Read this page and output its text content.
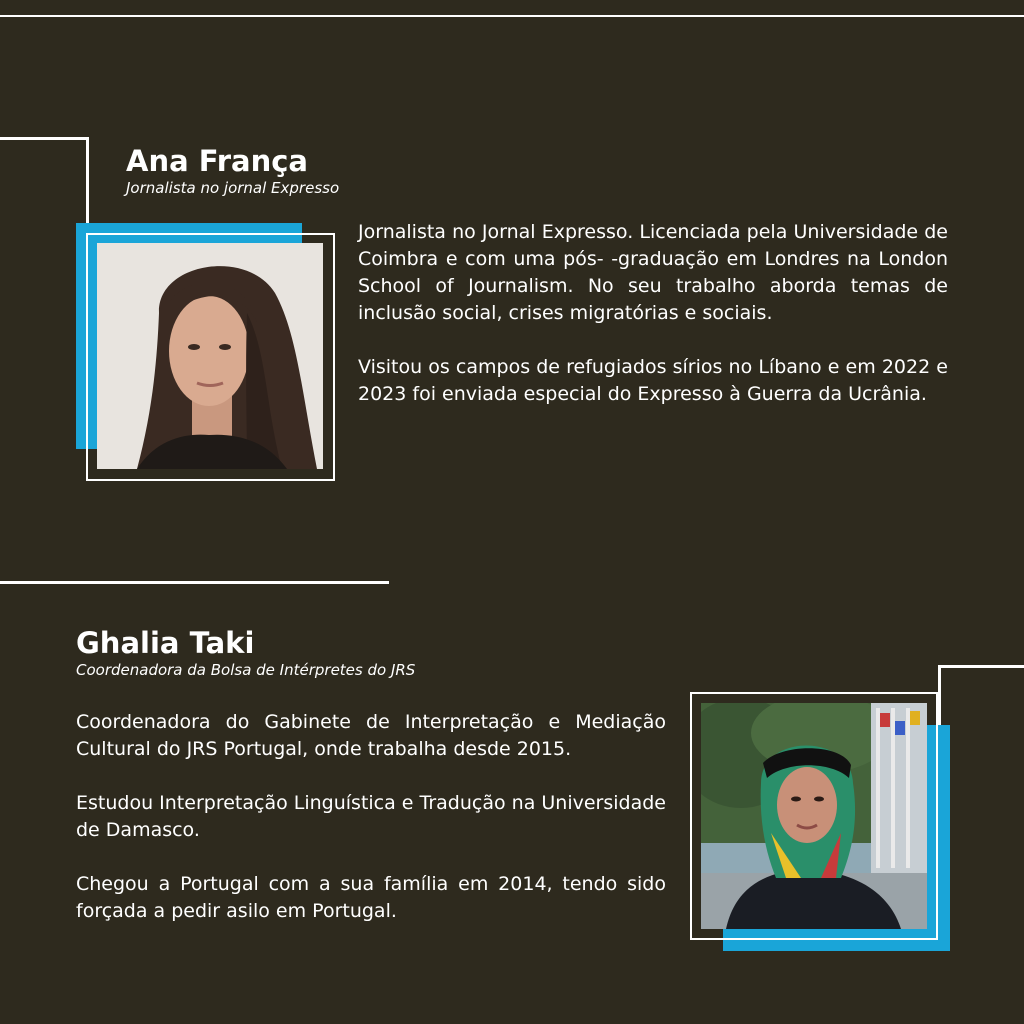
Ana França
Jornalista no jornal Expresso

Jornalista no Jornal Expresso. Licenciada pela Universidade de Coimbra e com uma pós- -graduação em Londres na London School of Journalism. No seu trabalho aborda temas de inclusão social, crises migratórias e sociais.

Visitou os campos de refugiados sírios no Líbano e em 2022 e 2023 foi enviada especial do Expresso à Guerra da Ucrânia.

Ghalia Taki
Coordenadora da Bolsa de Intérpretes do JRS

Coordenadora do Gabinete de Interpretação e Mediação Cultural do JRS Portugal, onde trabalha desde 2015.

Estudou Interpretação Linguística e Tradução na Universidade de Damasco.

Chegou a Portugal com a sua família em 2014, tendo sido forçada a pedir asilo em Portugal.
